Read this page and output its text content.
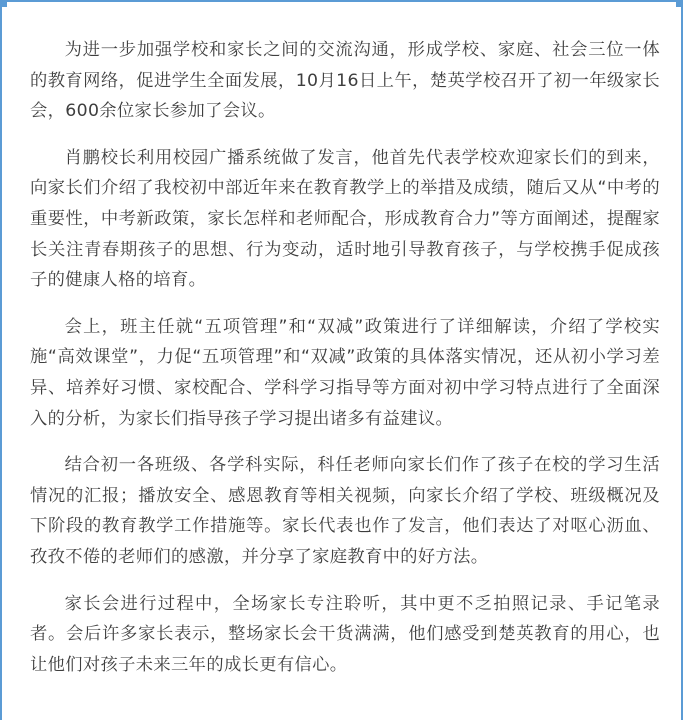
为进一步加强学校和家长之间的交流沟通，形成学校、家庭、社会三位一体的教育网络，促进学生全面发展，10月16日上午，楚英学校召开了初一年级家长会，600余位家长参加了会议。

肖鹏校长利用校园广播系统做了发言，他首先代表学校欢迎家长们的到来，向家长们介绍了我校初中部近年来在教育教学上的举措及成绩，随后又从“中考的重要性，中考新政策，家长怎样和老师配合，形成教育合力”等方面阐述，提醒家长关注青春期孩子的思想、行为变动，适时地引导教育孩子，与学校携手促成孩子的健康人格的培育。

会上，班主任就“五项管理”和“双减”政策进行了详细解读，介绍了学校实施“高效课堂”，力促“五项管理”和“双减”政策的具体落实情况，还从初小学习差异、培养好习惯、家校配合、学科学习指导等方面对初中学习特点进行了全面深入的分析，为家长们指导孩子学习提出诸多有益建议。

结合初一各班级、各学科实际，科任老师向家长们作了孩子在校的学习生活情况的汇报；播放安全、感恩教育等相关视频，向家长介绍了学校、班级概况及下阶段的教育教学工作措施等。家长代表也作了发言，他们表达了对呕心沥血、孜孜不倦的老师们的感激，并分享了家庭教育中的好方法。

家长会进行过程中，全场家长专注聆听，其中更不乏拍照记录、手记笔录者。会后许多家长表示，整场家长会干货满满，他们感受到楚英教育的用心，也让他们对孩子未来三年的成长更有信心。
